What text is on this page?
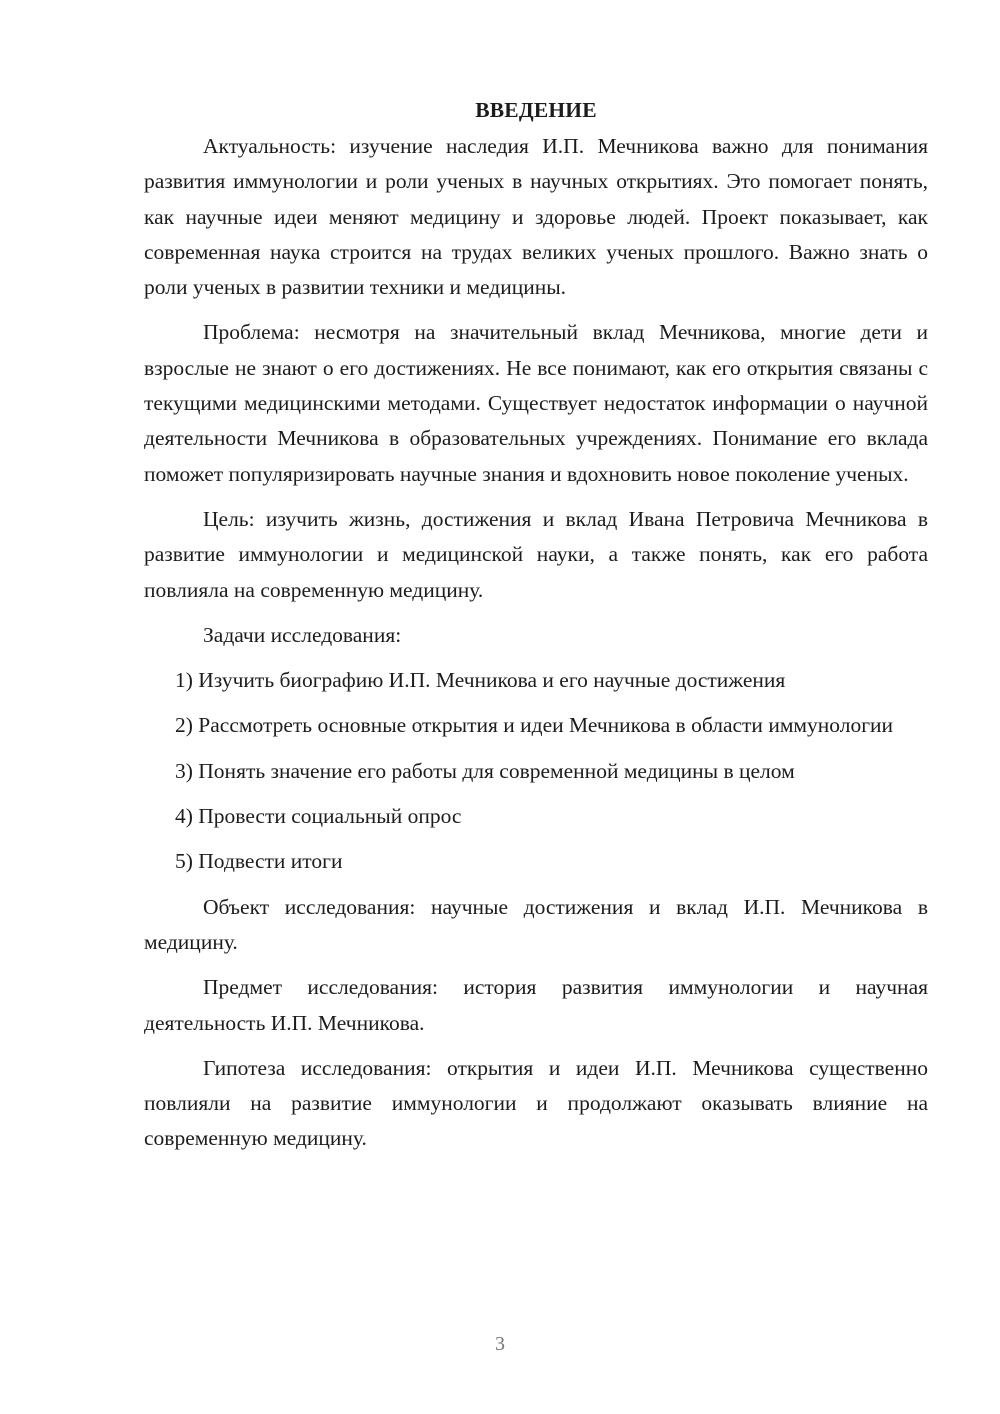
ВВЕДЕНИЕ

Актуальность: изучение наследия И.П. Мечникова важно для понимания развития иммунологии и роли ученых в научных открытиях. Это помогает понять, как научные идеи меняют медицину и здоровье людей. Проект показывает, как современная наука строится на трудах великих ученых прошлого. Важно знать о роли ученых в развитии техники и медицины.

Проблема: несмотря на значительный вклад Мечникова, многие дети и взрослые не знают о его достижениях. Не все понимают, как его открытия связаны с текущими медицинскими методами. Существует недостаток информации о научной деятельности Мечникова в образовательных учреждениях. Понимание его вклада поможет популяризировать научные знания и вдохновить новое поколение ученых.

Цель: изучить жизнь, достижения и вклад Ивана Петровича Мечникова в развитие иммунологии и медицинской науки, а также понять, как его работа повлияла на современную медицину.

Задачи исследования:

1) Изучить биографию И.П. Мечникова и его научные достижения

2) Рассмотреть основные открытия и идеи Мечникова в области иммунологии

3) Понять значение его работы для современной медицины в целом

4) Провести социальный опрос

5) Подвести итоги

Объект исследования: научные достижения и вклад И.П. Мечникова в медицину.

Предмет исследования: история развития иммунологии и научная деятельность И.П. Мечникова.

Гипотеза исследования: открытия и идеи И.П. Мечникова существенно повлияли на развитие иммунологии и продолжают оказывать влияние на современную медицину.

3
